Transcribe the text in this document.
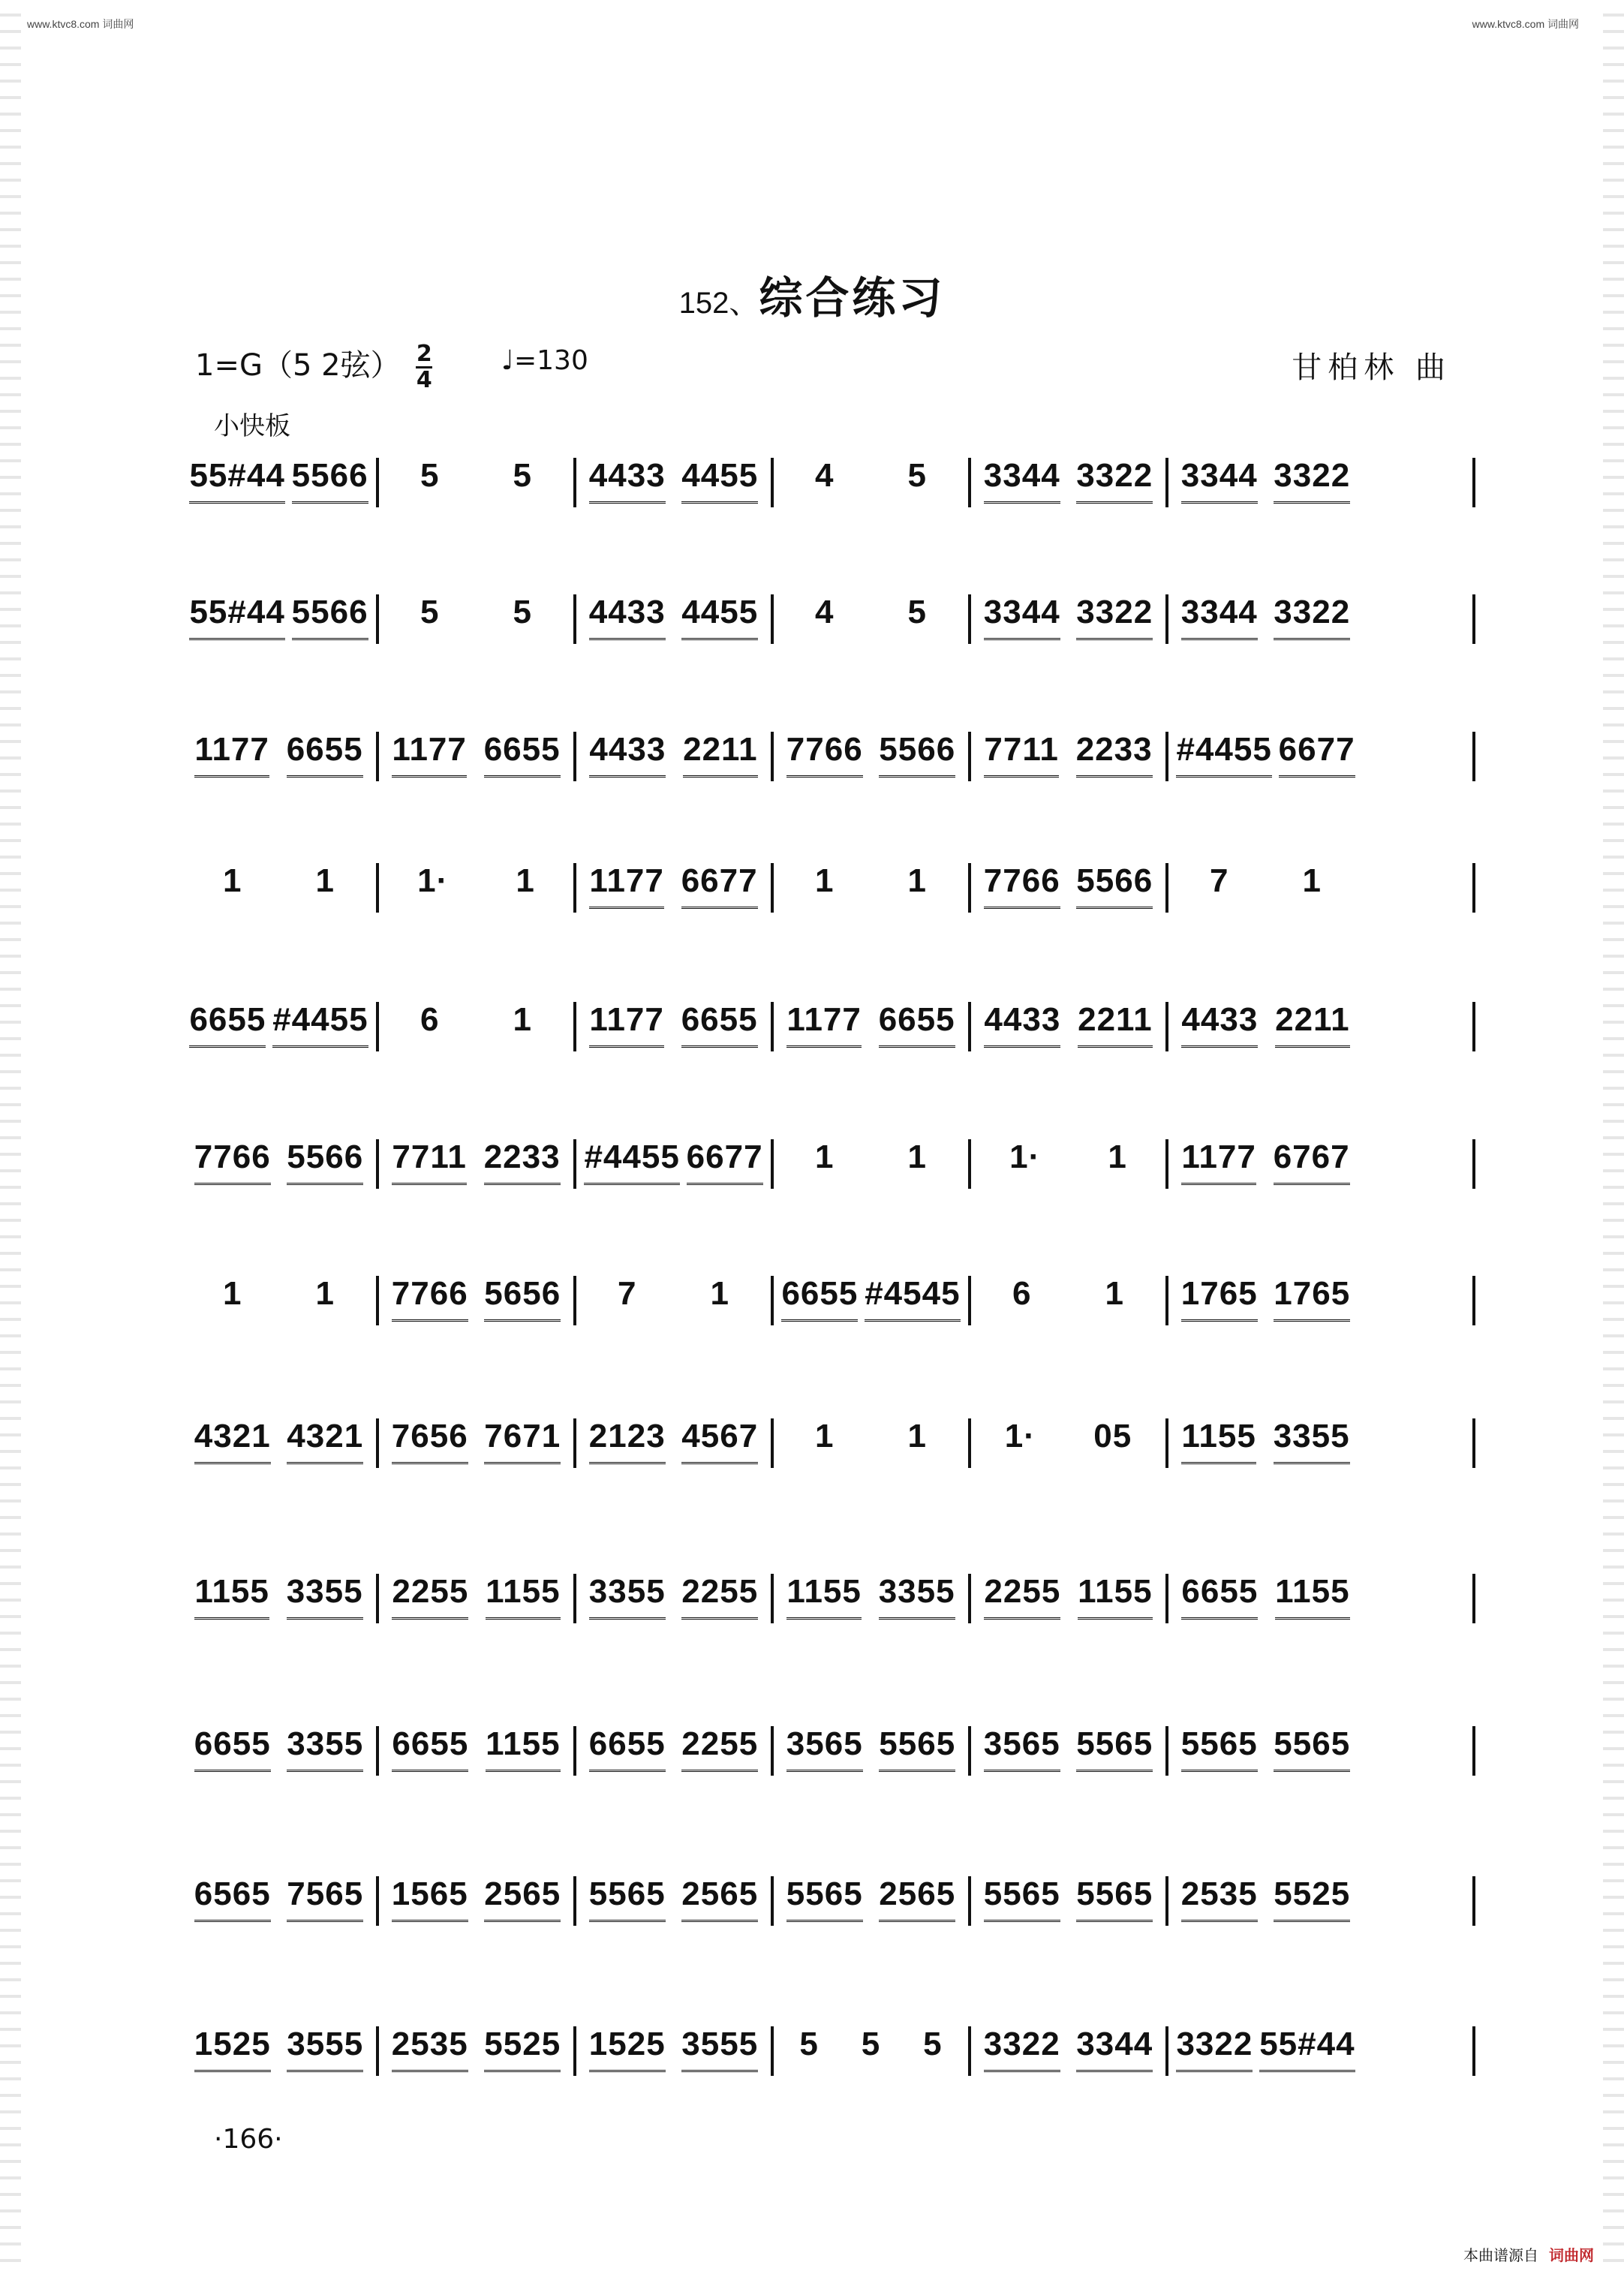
www.ktvc8.com 词曲网	www.ktvc8.com 词曲网
152、综合练习
1=G（5 2弦） $\frac{2}{4}$	♩=130	甘柏林 曲
小快板
55#44 5566 5 5 4433 4455 4 5 3344 3322 3344 3322
55#44 5566 5 5 4433 4455 4 5 3344 3322 3344 3322
1177 6655 1177 6655 4433 2211 7766 5566 7711 2233 #4455 6677
1 1	1· 1 1177 6677 1 1 7766 5566 7 1
6655 #4455 6 1 1177 6655 1177 6655 4433 2211 4433 2211
7766 5566 7711 2233 #4455 6677 1 1	1· 1 1177 6767
1 1 7766 5656 7 1 6655 #4545 6 1 1765 1765
4321 4321 7656 7671 2123 4567 1 1 1· 05 1155 3355
1155 3355 2255 1155 3355 2255 1155 3355 2255 1155 6655 1155
6655 3355 6655 1155 6655 2255 3565 5565 3565 5565 5565 5565
6565 7565 1565 2565 5565 2565 5565 2565 5565 5565 2535 5525
1525 3555 2535 5525 1525 3555 5 5 5 3322 3344 3322 55#44
·166·
本曲谱源自 词曲网
